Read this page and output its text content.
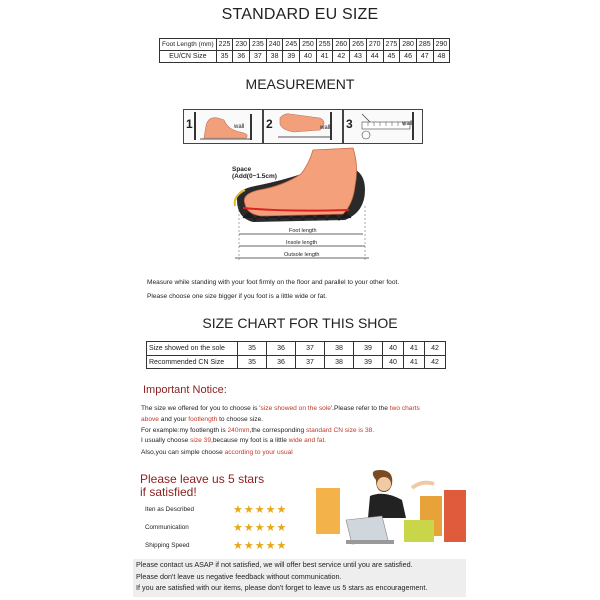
STANDARD EU SIZE
Foot Length (mm)	225	230	235	240	245	250	255	260	265	270	275	280	285	290
EU/CN Size	35	36	37	38	39	40	41	42	43	44	45	46	47	48
MEASUREMENT
1	wall 2	wall 3	wall
Space
(Add(0~1.5cm)
Foot length
Insole length
Outsole length
Measure while standing with your foot firmly on the floor and parallel to your other foot.
Please choose one size bigger if you foot is a little wide or fat.
SIZE CHART FOR THIS SHOE
Size showed on the sole	35	36	37	38	39	40	41	42
Recommended CN Size	35	36	37	38	39	40	41	42
Important Notice:
The size we offered for you to choose is 'size showed on the sole'.Please refer to the two charts
above and your footlength to choose size.
For example:my footlength is 240mm,the corresponding standard CN size is 38.
I usually choose size 39,because my foot is a little wide and fat.
Also,you can simple choose according to your usual
Please leave us 5 stars
if satisfied!
Iten as Described	★★★★★
Communication	★★★★★
Shipping Speed	★★★★★
Please contact us ASAP if not satisfied, we will offer best service until you are satisfied.
Please don't leave us negative feedback without communication.
If you are satisfied with our items, please don't forget to leave us 5 stars as encouragement.
